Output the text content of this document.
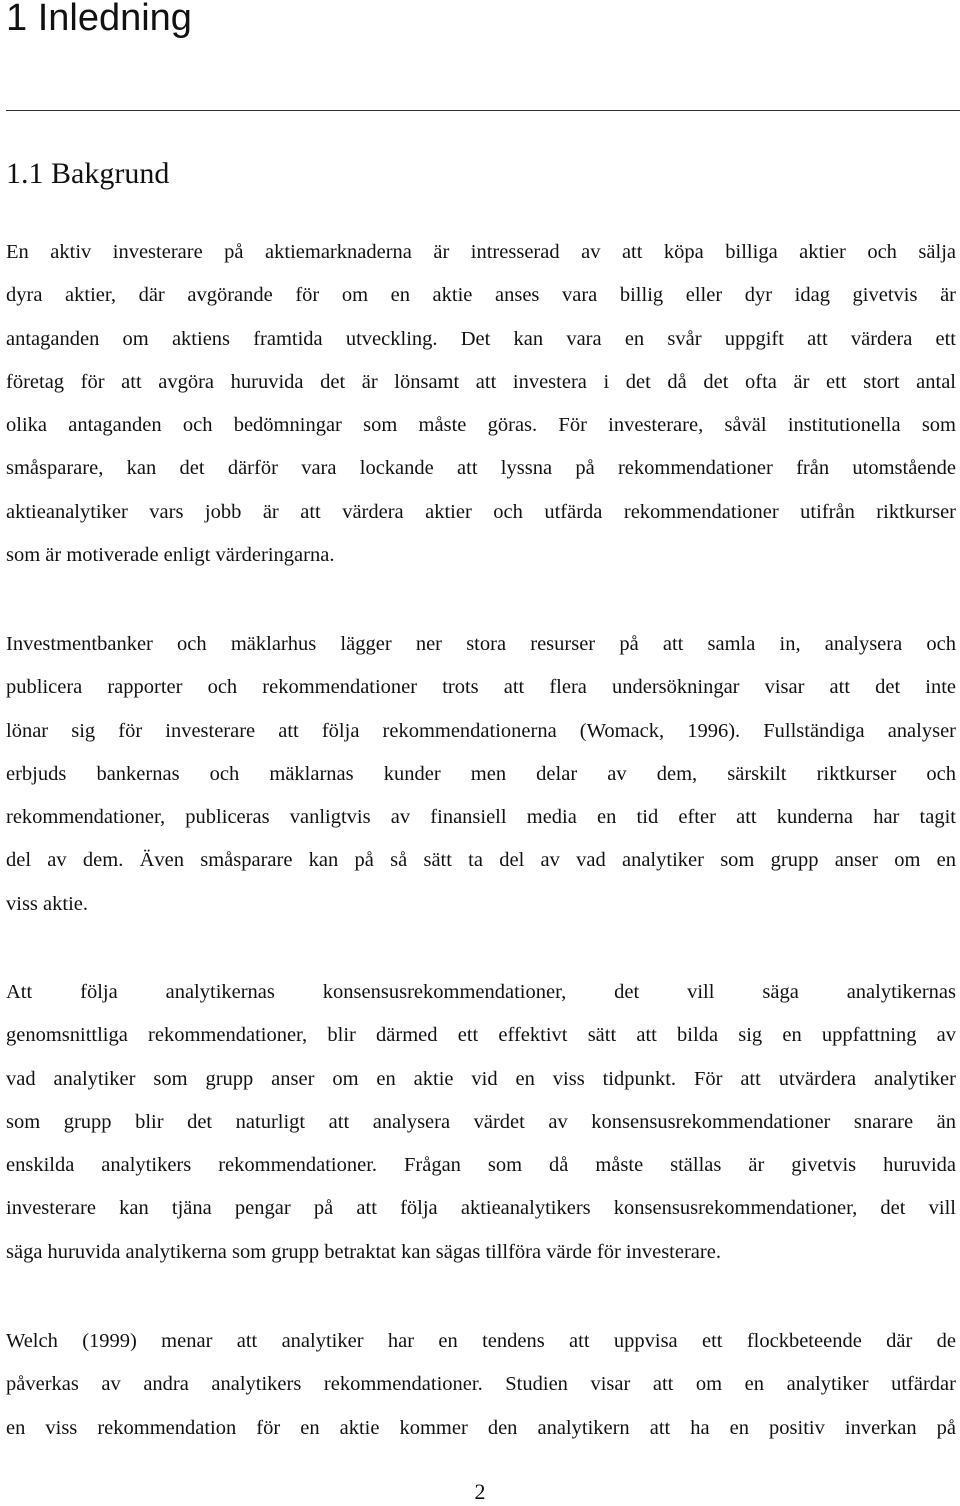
1 Inledning
1.1 Bakgrund

En aktiv investerare på aktiemarknaderna är intresserad av att köpa billiga aktier och sälja
dyra aktier, där avgörande för om en aktie anses vara billig eller dyr idag givetvis är
antaganden om aktiens framtida utveckling. Det kan vara en svår uppgift att värdera ett
företag för att avgöra huruvida det är lönsamt att investera i det då det ofta är ett stort antal
olika antaganden och bedömningar som måste göras. För investerare, såväl institutionella som
småsparare, kan det därför vara lockande att lyssna på rekommendationer från utomstående
aktieanalytiker vars jobb är att värdera aktier och utfärda rekommendationer utifrån riktkurser
som är motiverade enligt värderingarna.

Investmentbanker och mäklarhus lägger ner stora resurser på att samla in, analysera och
publicera rapporter och rekommendationer trots att flera undersökningar visar att det inte
lönar sig för investerare att följa rekommendationerna (Womack, 1996). Fullständiga analyser
erbjuds bankernas och mäklarnas kunder men delar av dem, särskilt riktkurser och
rekommendationer, publiceras vanligtvis av finansiell media en tid efter att kunderna har tagit
del av dem. Även småsparare kan på så sätt ta del av vad analytiker som grupp anser om en
viss aktie.

Att följa analytikernas konsensusrekommendationer, det vill säga analytikernas
genomsnittliga rekommendationer, blir därmed ett effektivt sätt att bilda sig en uppfattning av
vad analytiker som grupp anser om en aktie vid en viss tidpunkt. För att utvärdera analytiker
som grupp blir det naturligt att analysera värdet av konsensusrekommendationer snarare än
enskilda analytikers rekommendationer. Frågan som då måste ställas är givetvis huruvida
investerare kan tjäna pengar på att följa aktieanalytikers konsensusrekommendationer, det vill
säga huruvida analytikerna som grupp betraktat kan sägas tillföra värde för investerare.

Welch (1999) menar att analytiker har en tendens att uppvisa ett flockbeteende där de
påverkas av andra analytikers rekommendationer. Studien visar att om en analytiker utfärdar
en viss rekommendation för en aktie kommer den analytikern att ha en positiv inverkan på

2
